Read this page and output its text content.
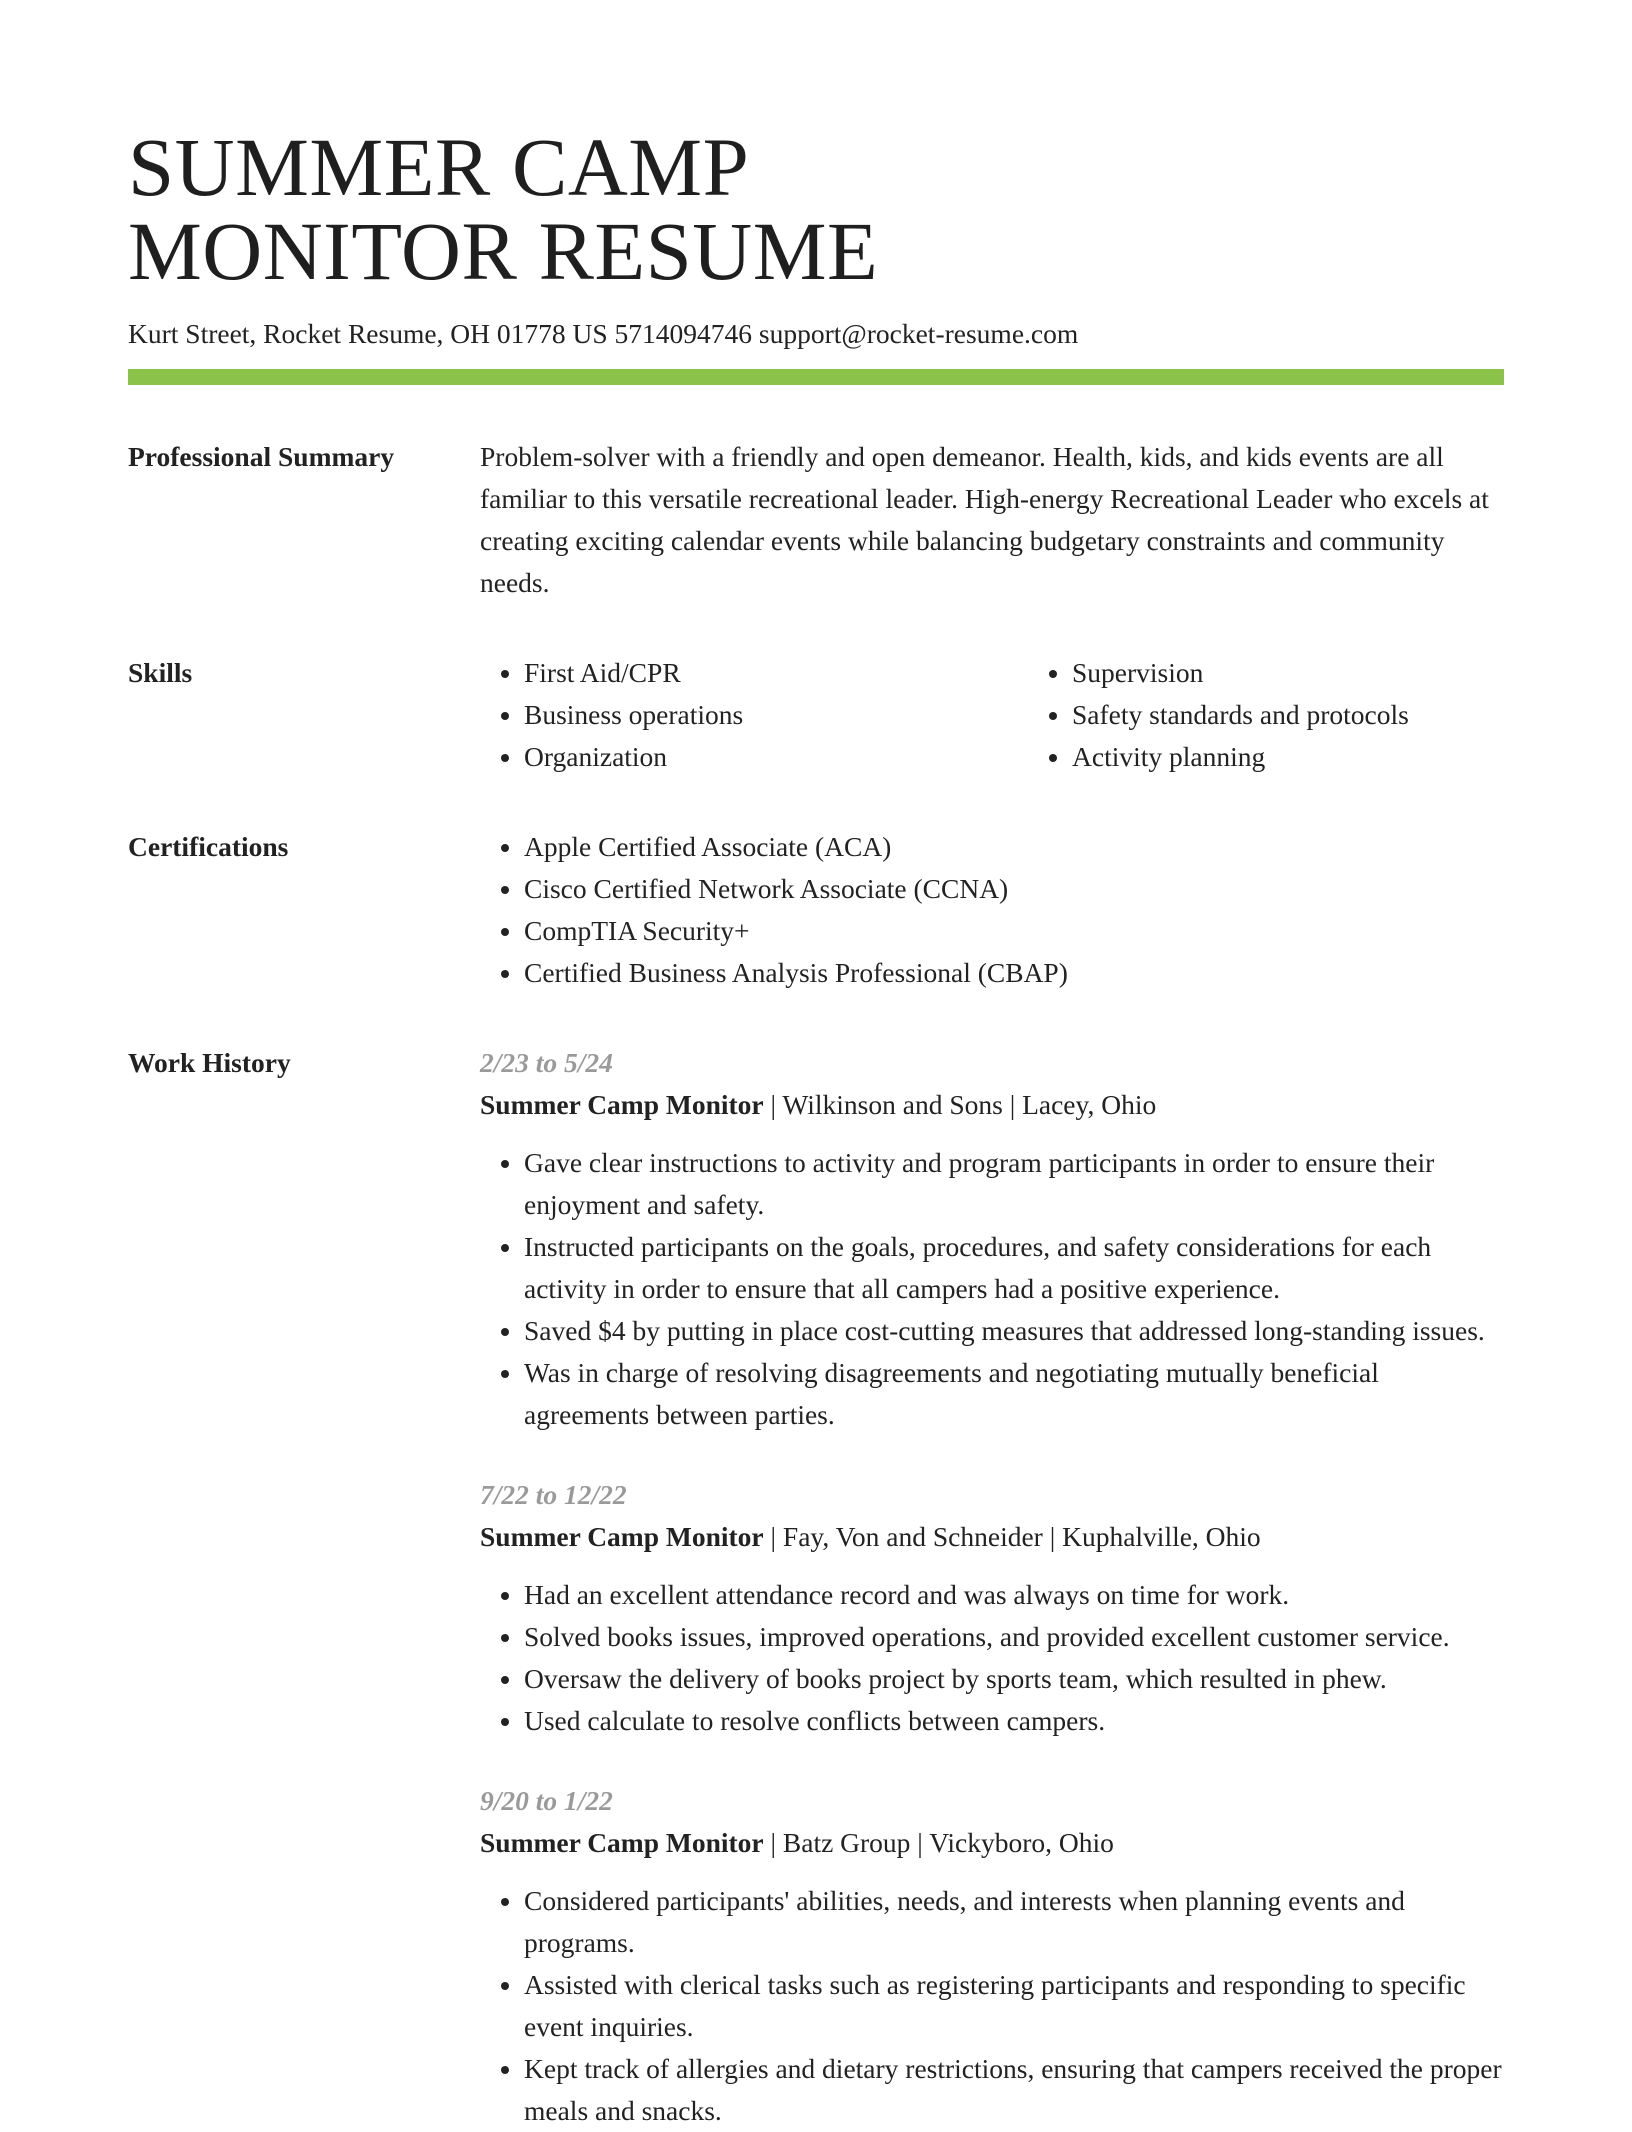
SUMMER CAMP
MONITOR RESUME
Kurt Street, Rocket Resume, OH 01778 US 5714094746 support@rocket-resume.com
Professional Summary	Problem-solver with a friendly and open demeanor. Health, kids, and kids events are all familiar to this versatile recreational leader. High-energy Recreational Leader who excels at creating exciting calendar events while balancing budgetary constraints and community needs.

Skills	• First Aid/CPR
• Business operations
• Organization
• Supervision
• Safety standards and protocols
• Activity planning
Certifications	• Apple Certified Associate (ACA)
• Cisco Certified Network Associate (CCNA)
• CompTIA Security+
• Certified Business Analysis Professional (CBAP)
Work History	2/23 to 5/24
Summer Camp Monitor | Wilkinson and Sons | Lacey, Ohio
• Gave clear instructions to activity and program participants in order to ensure their enjoyment and safety.
• Instructed participants on the goals, procedures, and safety considerations for each activity in order to ensure that all campers had a positive experience.
• Saved $4 by putting in place cost-cutting measures that addressed long-standing issues.
• Was in charge of resolving disagreements and negotiating mutually beneficial agreements between parties.
7/22 to 12/22
Summer Camp Monitor | Fay, Von and Schneider | Kuphalville, Ohio
• Had an excellent attendance record and was always on time for work.
• Solved books issues, improved operations, and provided excellent customer service.
• Oversaw the delivery of books project by sports team, which resulted in phew.
• Used calculate to resolve conflicts between campers.
9/20 to 1/22
Summer Camp Monitor | Batz Group | Vickyboro, Ohio
• Considered participants' abilities, needs, and interests when planning events and programs.
• Assisted with clerical tasks such as registering participants and responding to specific event inquiries.
• Kept track of allergies and dietary restrictions, ensuring that campers received the proper meals and snacks.
